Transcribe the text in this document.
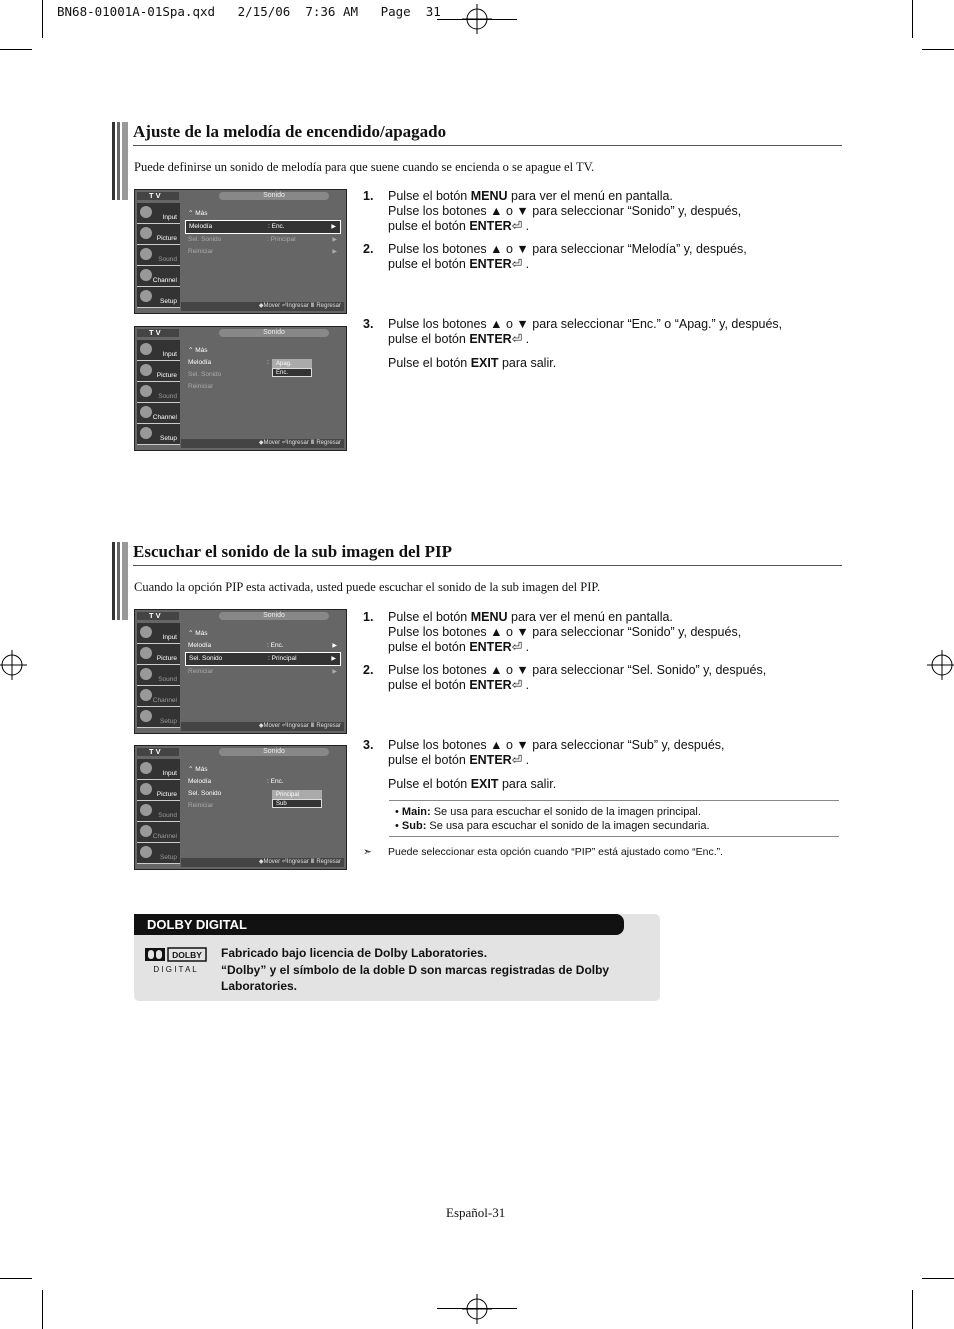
BN68-01001A-01Spa.qxd   2/15/06  7:36 AM   Page  31
Ajuste de la melodía de encendido/apagado
Puede definirse un sonido de melodía para que suene cuando se encienda o se apague el TV.
T V	Sonido
Input
Picture
Sound
Channel
Setup
⌃ Más
Melodía	: Enc.	▶
Sel. Sonido	: Principal	▶
Reiniciar	▶
◆Mover ⏎Ingresar Ⅲ Regresar
T V	Sonido
Input
Picture
Sound
Channel
Setup
⌃ Más
Melodía	:
Sel. Sonido
Reiniciar
Apag.
Enc.
◆Mover ⏎Ingresar Ⅲ Regresar
1. Pulse el botón MENU para ver el menú en pantalla.
Pulse los botones ▲ o ▼ para seleccionar “Sonido” y, después,
pulse el botón ENTER⏎ .
2. Pulse los botones ▲ o ▼ para seleccionar “Melodía” y, después,
pulse el botón ENTER⏎ .
3. Pulse los botones ▲ o ▼ para seleccionar “Enc.” o “Apag.” y, después,
pulse el botón ENTER⏎ .
Pulse el botón EXIT para salir.
Escuchar el sonido de la sub imagen del PIP
Cuando la opción PIP esta activada, usted puede escuchar el sonido de la sub imagen del PIP.
T V	Sonido
Input
Picture
Sound
Channel
Setup
⌃ Más
Melodía	: Enc.	▶
Sel. Sonido	: Principal	▶
Reiniciar	▶
◆Mover ⏎Ingresar Ⅲ Regresar
T V	Sonido
Input
Picture
Sound
Channel
Setup
⌃ Más
Melodía	: Enc.
Sel. Sonido
Reiniciar
Principal
Sub
◆Mover ⏎Ingresar Ⅲ Regresar
1. Pulse el botón MENU para ver el menú en pantalla.
Pulse los botones ▲ o ▼ para seleccionar “Sonido” y, después,
pulse el botón ENTER⏎ .
2. Pulse los botones ▲ o ▼ para seleccionar “Sel. Sonido” y, después,
pulse el botón ENTER⏎ .
3. Pulse los botones ▲ o ▼ para seleccionar “Sub” y, después,
pulse el botón ENTER⏎ .
Pulse el botón EXIT para salir.
• Main: Se usa para escuchar el sonido de la imagen principal.
• Sub: Se usa para escuchar el sonido de la imagen secundaria.
➣ Puede seleccionar esta opción cuando “PIP” está ajustado como “Enc.”.
DOLBY DIGITAL
DOLBY
D I G I T A L
Fabricado bajo licencia de Dolby Laboratories.
“Dolby” y el símbolo de la doble D son marcas registradas de Dolby Laboratories.
Español-31
